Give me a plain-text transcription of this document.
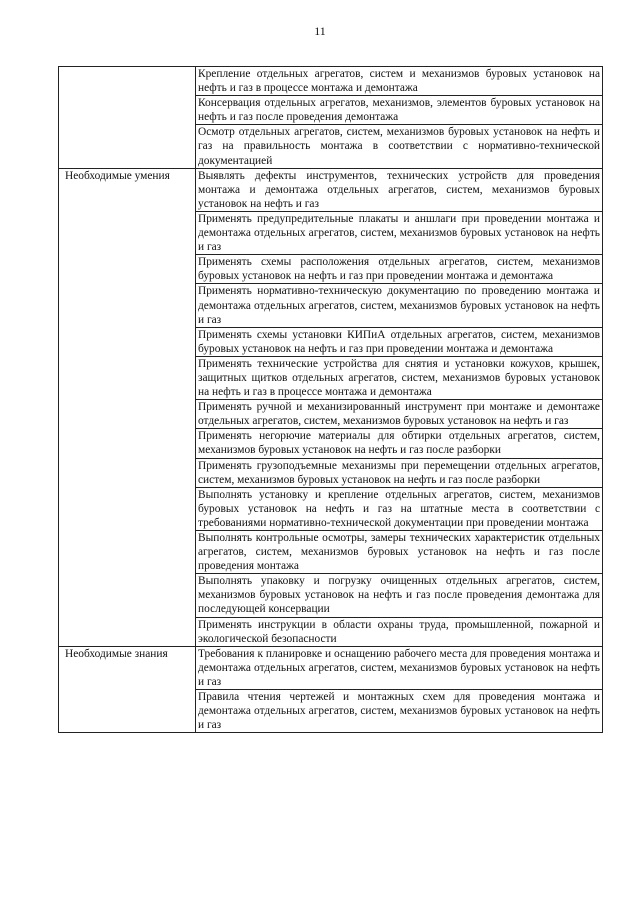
11

	Крепление отдельных агрегатов, систем и механизмов буровых установок на нефть и газ в процессе монтажа и демонтажа

	Консервация отдельных агрегатов, механизмов, элементов буровых установок на нефть и газ после проведения демонтажа

	Осмотр отдельных агрегатов, систем, механизмов буровых установок на нефть и газ на правильность монтажа в соответствии с нормативно-технической документацией

Необходимые умения	Выявлять дефекты инструментов, технических устройств для проведения монтажа и демонтажа отдельных агрегатов, систем, механизмов буровых установок на нефть и газ

	Применять предупредительные плакаты и аншлаги при проведении монтажа и демонтажа отдельных агрегатов, систем, механизмов буровых установок на нефть и газ

	Применять схемы расположения отдельных агрегатов, систем, механизмов буровых установок на нефть и газ при проведении монтажа и демонтажа

	Применять нормативно-техническую документацию по проведению монтажа и демонтажа отдельных агрегатов, систем, механизмов буровых установок на нефть и газ

	Применять схемы установки КИПиА отдельных агрегатов, систем, механизмов буровых установок на нефть и газ при проведении монтажа и демонтажа

	Применять технические устройства для снятия и установки кожухов, крышек, защитных щитков отдельных агрегатов, систем, механизмов буровых установок на нефть и газ в процессе монтажа и демонтажа

	Применять ручной и механизированный инструмент при монтаже и демонтаже отдельных агрегатов, систем, механизмов буровых установок на нефть и газ

	Применять негорючие материалы для обтирки отдельных агрегатов, систем, механизмов буровых установок на нефть и газ после разборки

	Применять грузоподъемные механизмы при перемещении отдельных агрегатов, систем, механизмов буровых установок на нефть и газ после разборки

	Выполнять установку и крепление отдельных агрегатов, систем, механизмов буровых установок на нефть и газ на штатные места в соответствии с требованиями нормативно-технической документации при проведении монтажа

	Выполнять контрольные осмотры, замеры технических характеристик отдельных агрегатов, систем, механизмов буровых установок на нефть и газ после проведения монтажа

	Выполнять упаковку и погрузку очищенных отдельных агрегатов, систем, механизмов буровых установок на нефть и газ после проведения демонтажа для последующей консервации

	Применять инструкции в области охраны труда, промышленной, пожарной и экологической безопасности

Необходимые знания	Требования к планировке и оснащению рабочего места для проведения монтажа и демонтажа отдельных агрегатов, систем, механизмов буровых установок на нефть и газ

	Правила чтения чертежей и монтажных схем для проведения монтажа и демонтажа отдельных агрегатов, систем, механизмов буровых установок на нефть и газ
